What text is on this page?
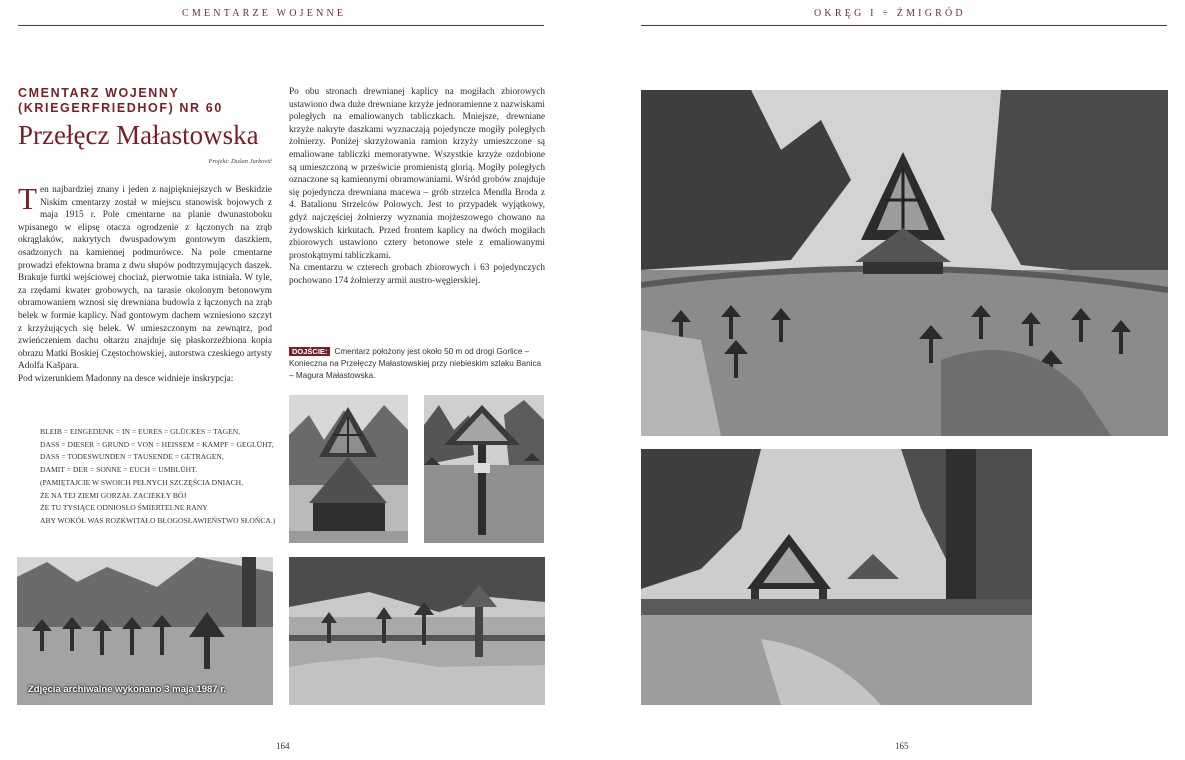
CMENTARZE WOJENNE
CMENTARZ WOJENNY
(KRIEGERFRIEDHOF) NR 60
Przełęcz Małastowska
Projekt: Dušan Jurkovič

Ten najbardziej znany i jeden z najpiękniejszych w Beskidzie Niskim cmentarzy został w miejscu stanowisk bojowych z maja 1915 r. Pole cmentarne na planie dwunastoboku wpisanego w elipsę otacza ogrodzenie z łączonych na zrąb okrąglaków, nakrytych dwuspadowym gontowym daszkiem, osadzonych na kamiennej podmurówce. Na pole cmentarne prowadzi efektowna brama z dwu słupów podtrzymujących daszek. Brakuje furtki wejściowej chociaż, pierwotnie taka istniała. W tyle, za rzędami kwater grobowych, na tarasie okolonym betonowym obramowaniem wznosi się drewniana budowla z łączonych na zrąb belek w formie kaplicy. Nad gontowym dachem wzniesiono szczyt z krzyżujących się belek. W umieszczonym na zewnątrz, pod zwieńczeniem dachu ołtarzu znajduje się płaskorzeźbiona kopia obrazu Matki Boskiej Częstochowskiej, autorstwa czeskiego artysty Adolfa Kašpara.

Pod wizerunkiem Madonny na desce widnieje inskrypcja:

BLEIB = EINGEDENK = IN = EURES = GLÜCKES = TAGEN,
DASS = DIESER = GRUND = VON = HEISSEM = KAMPF = GEGLÜHT,
DASS = TODESWUNDEN = TAUSENDE = GETRAGEN,
DAMIT = DER = SONNE = EUCH = UMBLÜHT.
(PAMIĘTAJCIE W SWOICH PEŁNYCH SZCZĘŚCIA DNIACH,
ŻE NA TEJ ZIEMI GORZAŁ ZACIEKŁY BÓJ
ŻE TU TYSIĄCE ODNIOSŁO ŚMIERTELNE RANY
ABY WOKÓŁ WAS ROZKWITAŁO BŁOGOSŁAWIEŃSTWO SŁOŃCA.)

Po obu stronach drewnianej kaplicy na mogiłach zbiorowych ustawiono dwa duże drewniane krzyże jednoramienne z nazwiskami poległych na emaliowanych tabliczkach. Mniejsze, drewniane krzyże nakryte daszkami wyznaczają pojedyncze mogiły poległych żołnierzy. Poniżej skrzyżowania ramion krzyży umieszczone są emaliowane tabliczki memoratywne. Wszystkie krzyże ozdobione są umieszczoną w prześwicie promienistą glorią. Mogiły poległych oznaczone są kamiennymi obramowaniami. Wśród grobów znajduje się pojedyncza drewniana macewa – grób strzelca Mendla Broda z 4. Batalionu Strzelców Polowych. Jest to przypadek wyjątkowy, gdyż najczęściej żołnierzy wyznania mojżeszowego chowano na żydowskich kirkutach. Przed frontem kaplicy na dwóch mogiłach zbiorowych ustawiono cztery betonowe stele z emaliowanymi prostokątnymi tabliczkami.

Na cmentarzu w czterech grobach zbiorowych i 63 pojedynczych pochowano 174 żołnierzy armii austro-węgierskiej.

DOJŚCIE: Cmentarz położony jest około 50 m od drogi Gorlice – Konieczna na Przełęczy Małastowskiej przy niebieskim szlaku Banica – Magura Małastowska.
Zdjęcia archiwalne wykonano 3 maja 1987 r.
164
OKRĘG I ÷ ŻMIGRÓD
165
